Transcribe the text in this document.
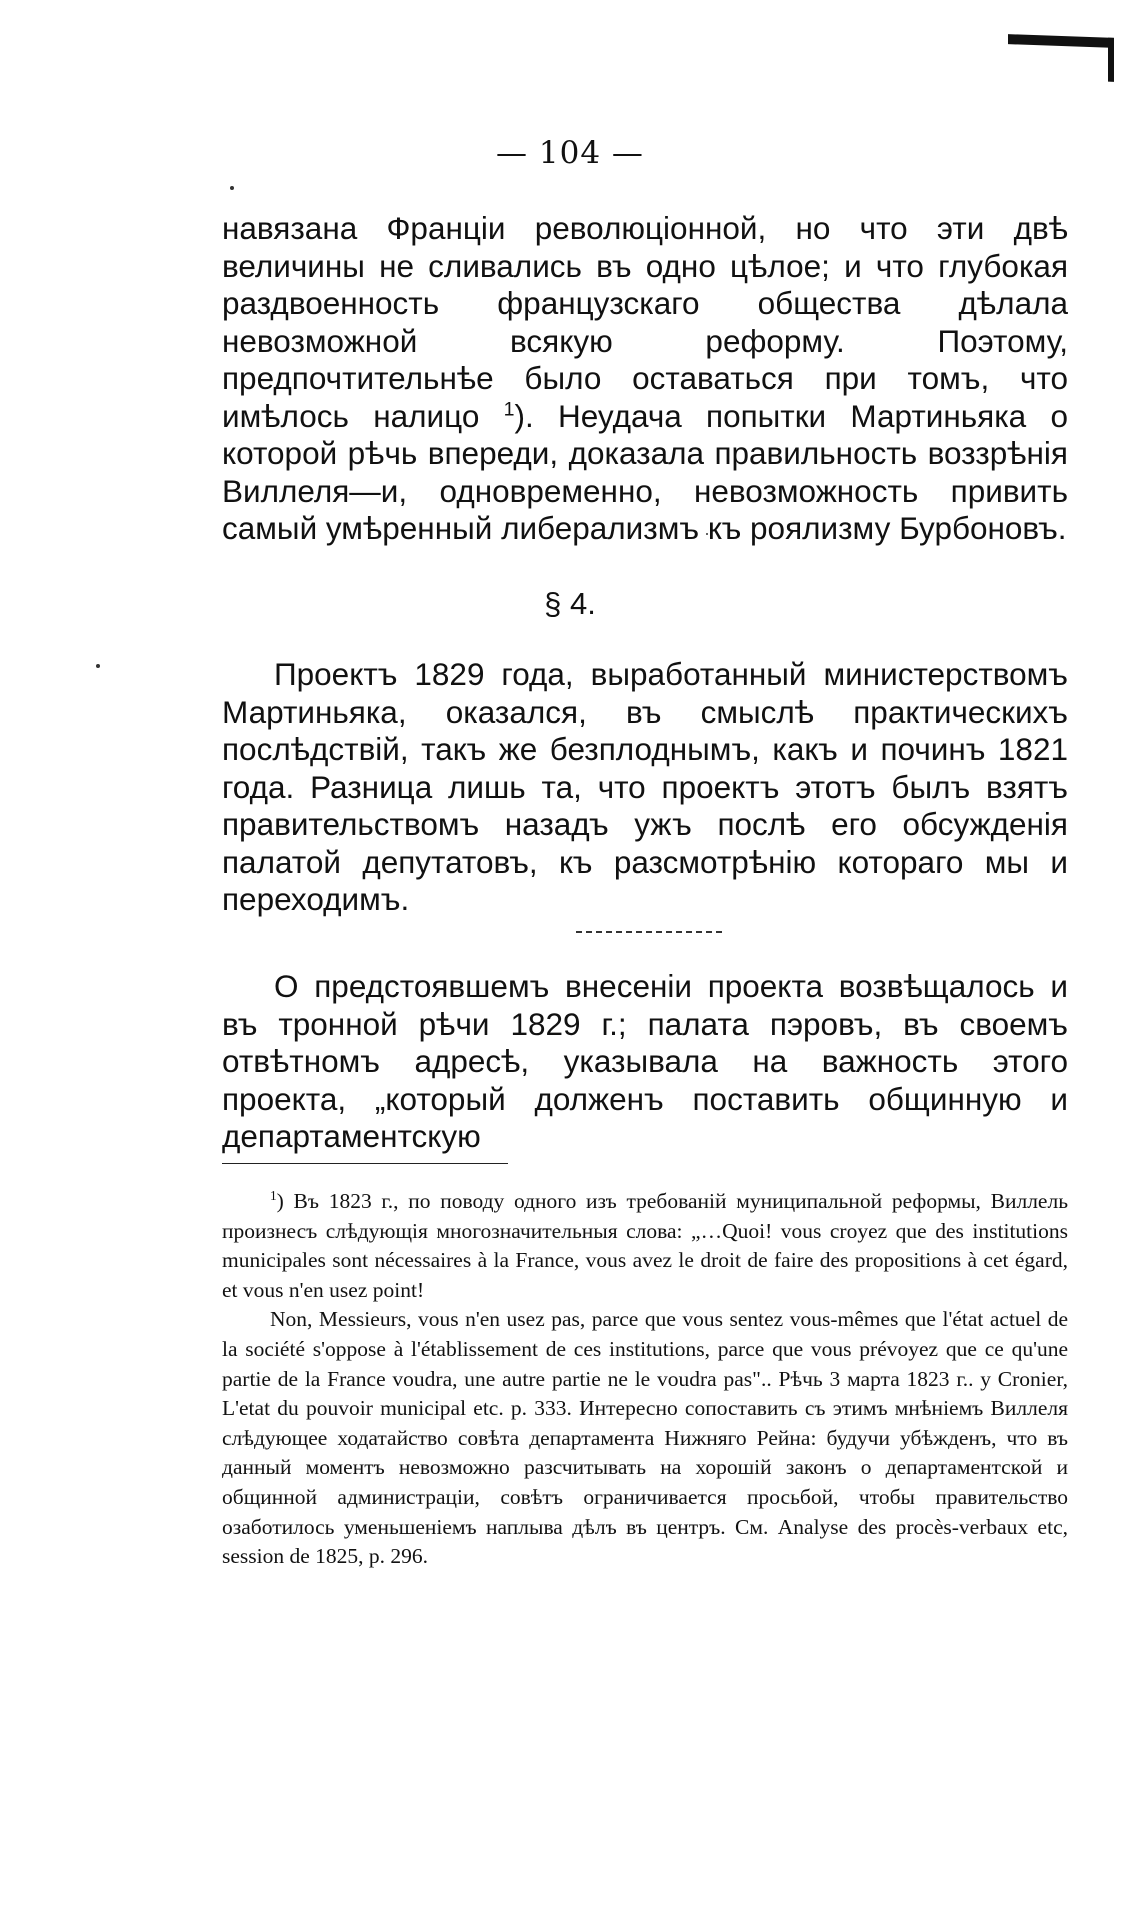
— 104 —

навязана Франціи революціонной, но что эти двѣ величины не сливались въ одно цѣлое; и что глубокая раздвоенность французскаго общества дѣлала невозможной всякую реформу. Поэтому, предпочтительнѣе было оставаться при томъ, что имѣлось налицо $^1$). Неудача попытки Мартиньяка о которой рѣчь впереди, доказала правильность воззрѣнія Виллеля—и, одновременно, невозможность привить самый умѣренный либерализмъ къ роялизму Бурбоновъ.

§ 4.

Проектъ 1829 года, выработанный министерствомъ Мартиньяка, оказался, въ смыслѣ практическихъ послѣдствій, такъ же безплоднымъ, какъ и починъ 1821 года. Разница лишь та, что проектъ этотъ былъ взятъ правительствомъ назадъ ужъ послѣ его обсужденія палатой депутатовъ, къ разсмотрѣнію котораго мы и переходимъ.

О предстоявшемъ внесеніи проекта возвѣщалось и въ тронной рѣчи 1829 г.; палата пэровъ, въ своемъ отвѣтномъ адресѣ, указывала на важность этого проекта, „который долженъ поставить общинную и департаментскую

$^1$) Въ 1823 г., по поводу одного изъ требованій муниципальной реформы, Виллель произнесъ слѣдующія многозначительныя слова: „…Quoi! vous croyez que des institutions municipales sont nécessaires à la France, vous avez le droit de faire des propositions à cet égard, et vous n'en usez point!

Non, Messieurs, vous n'en usez pas, parce que vous sentez vous-mêmes que l'état actuel de la société s'oppose à l'établissement de ces institutions, parce que vous prévoyez que ce qu'une partie de la France voudra, une autre partie ne le voudra pas".. Рѣчь 3 марта 1823 г.. у Cronier, L'etat du pouvoir municipal etc. p. 333. Интересно сопоставить съ этимъ мнѣніемъ Виллеля слѣдующее ходатайство совѣта департамента Нижняго Рейна: будучи убѣжденъ, что въ данный моментъ невозможно разсчитывать на хорошій законъ о департаментской и общинной администраціи, совѣтъ ограничивается просьбой, чтобы правительство озаботилось уменьшеніемъ наплыва дѣлъ въ центръ. См. Analyse des procès-verbaux etc, session de 1825, p. 296.
